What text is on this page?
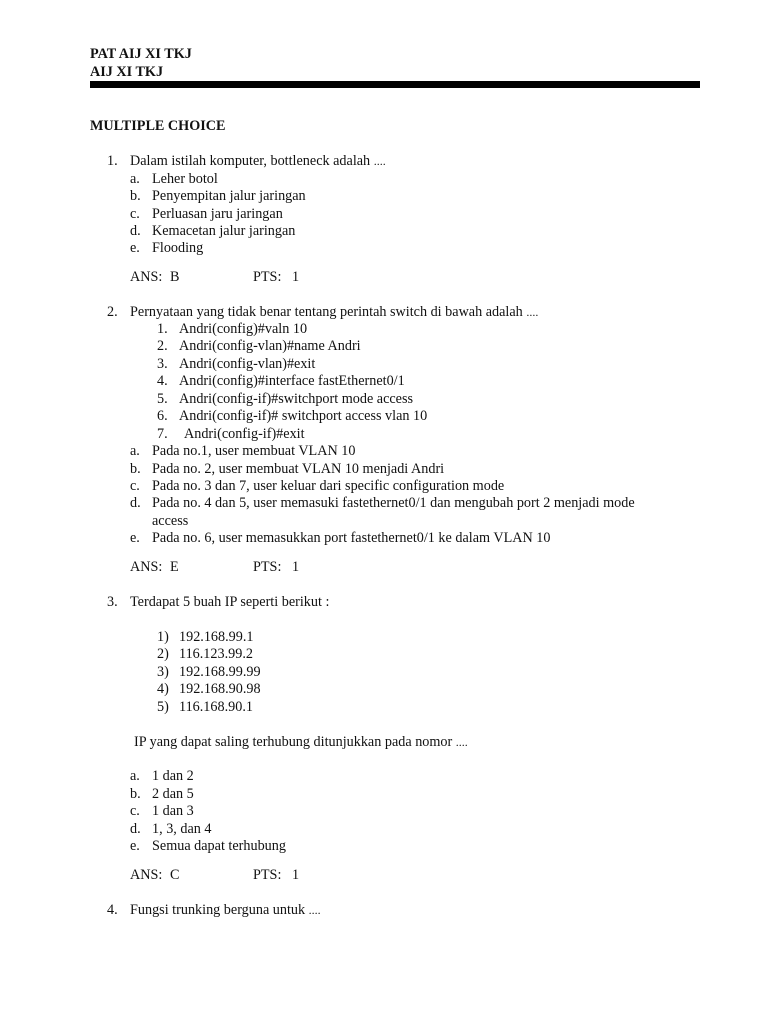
PAT AIJ XI TKJ
AIJ XI TKJ
MULTIPLE CHOICE
1. Dalam istilah komputer, bottleneck adalah ....
a. Leher botol
b. Penyempitan jalur jaringan
c. Perluasan jaru jaringan
d. Kemacetan jalur jaringan
e. Flooding
ANS: B	PTS: 1
2. Pernyataan yang tidak benar tentang perintah switch di bawah adalah ....
1. Andri(config)#valn 10
2. Andri(config-vlan)#name Andri
3. Andri(config-vlan)#exit
4. Andri(config)#interface fastEthernet0/1
5. Andri(config-if)#switchport mode access
6. Andri(config-if)# switchport access vlan 10
7. Andri(config-if)#exit
a. Pada no.1, user membuat VLAN 10
b. Pada no. 2, user membuat VLAN 10 menjadi Andri
c. Pada no. 3 dan 7, user keluar dari specific configuration mode
d. Pada no. 4 dan 5, user memasuki fastethernet0/1 dan mengubah port 2 menjadi mode
access
e. Pada no. 6, user memasukkan port fastethernet0/1 ke dalam VLAN 10
ANS: E	PTS: 1
3. Terdapat 5 buah IP seperti berikut :
1) 192.168.99.1
2) 116.123.99.2
3) 192.168.99.99
4) 192.168.90.98
5) 116.168.90.1
IP yang dapat saling terhubung ditunjukkan pada nomor ....
a. 1 dan 2
b. 2 dan 5
c. 1 dan 3
d. 1, 3, dan 4
e. Semua dapat terhubung
ANS: C	PTS: 1
4. Fungsi trunking berguna untuk ....
